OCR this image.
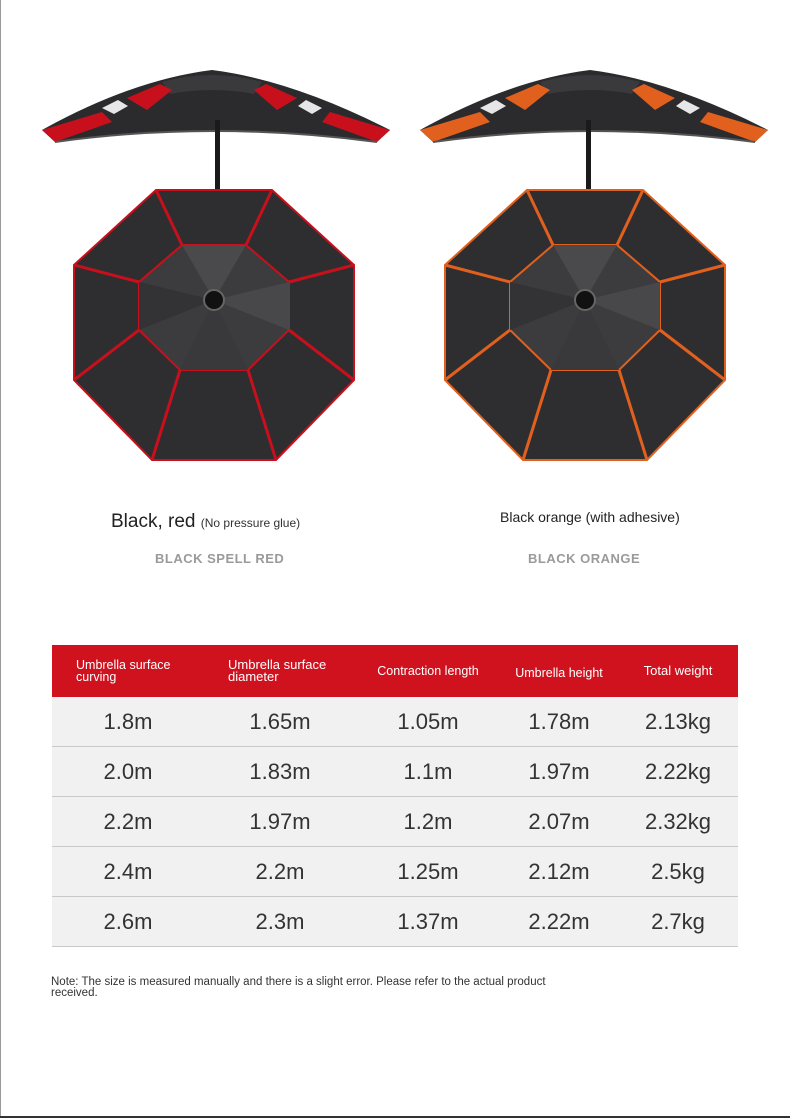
Black, red (No pressure glue)
BLACK SPELL RED
Black orange (with adhesive)
BLACK ORANGE
Umbrella surface curving	Umbrella surface diameter	Contraction length	Umbrella height	Total weight
1.8m	1.65m	1.05m	1.78m	2.13kg
2.0m	1.83m	1.1m	1.97m	2.22kg
2.2m	1.97m	1.2m	2.07m	2.32kg
2.4m	2.2m	1.25m	2.12m	2.5kg
2.6m	2.3m	1.37m	2.22m	2.7kg
Note: The size is measured manually and there is a slight error. Please refer to the actual product received.
